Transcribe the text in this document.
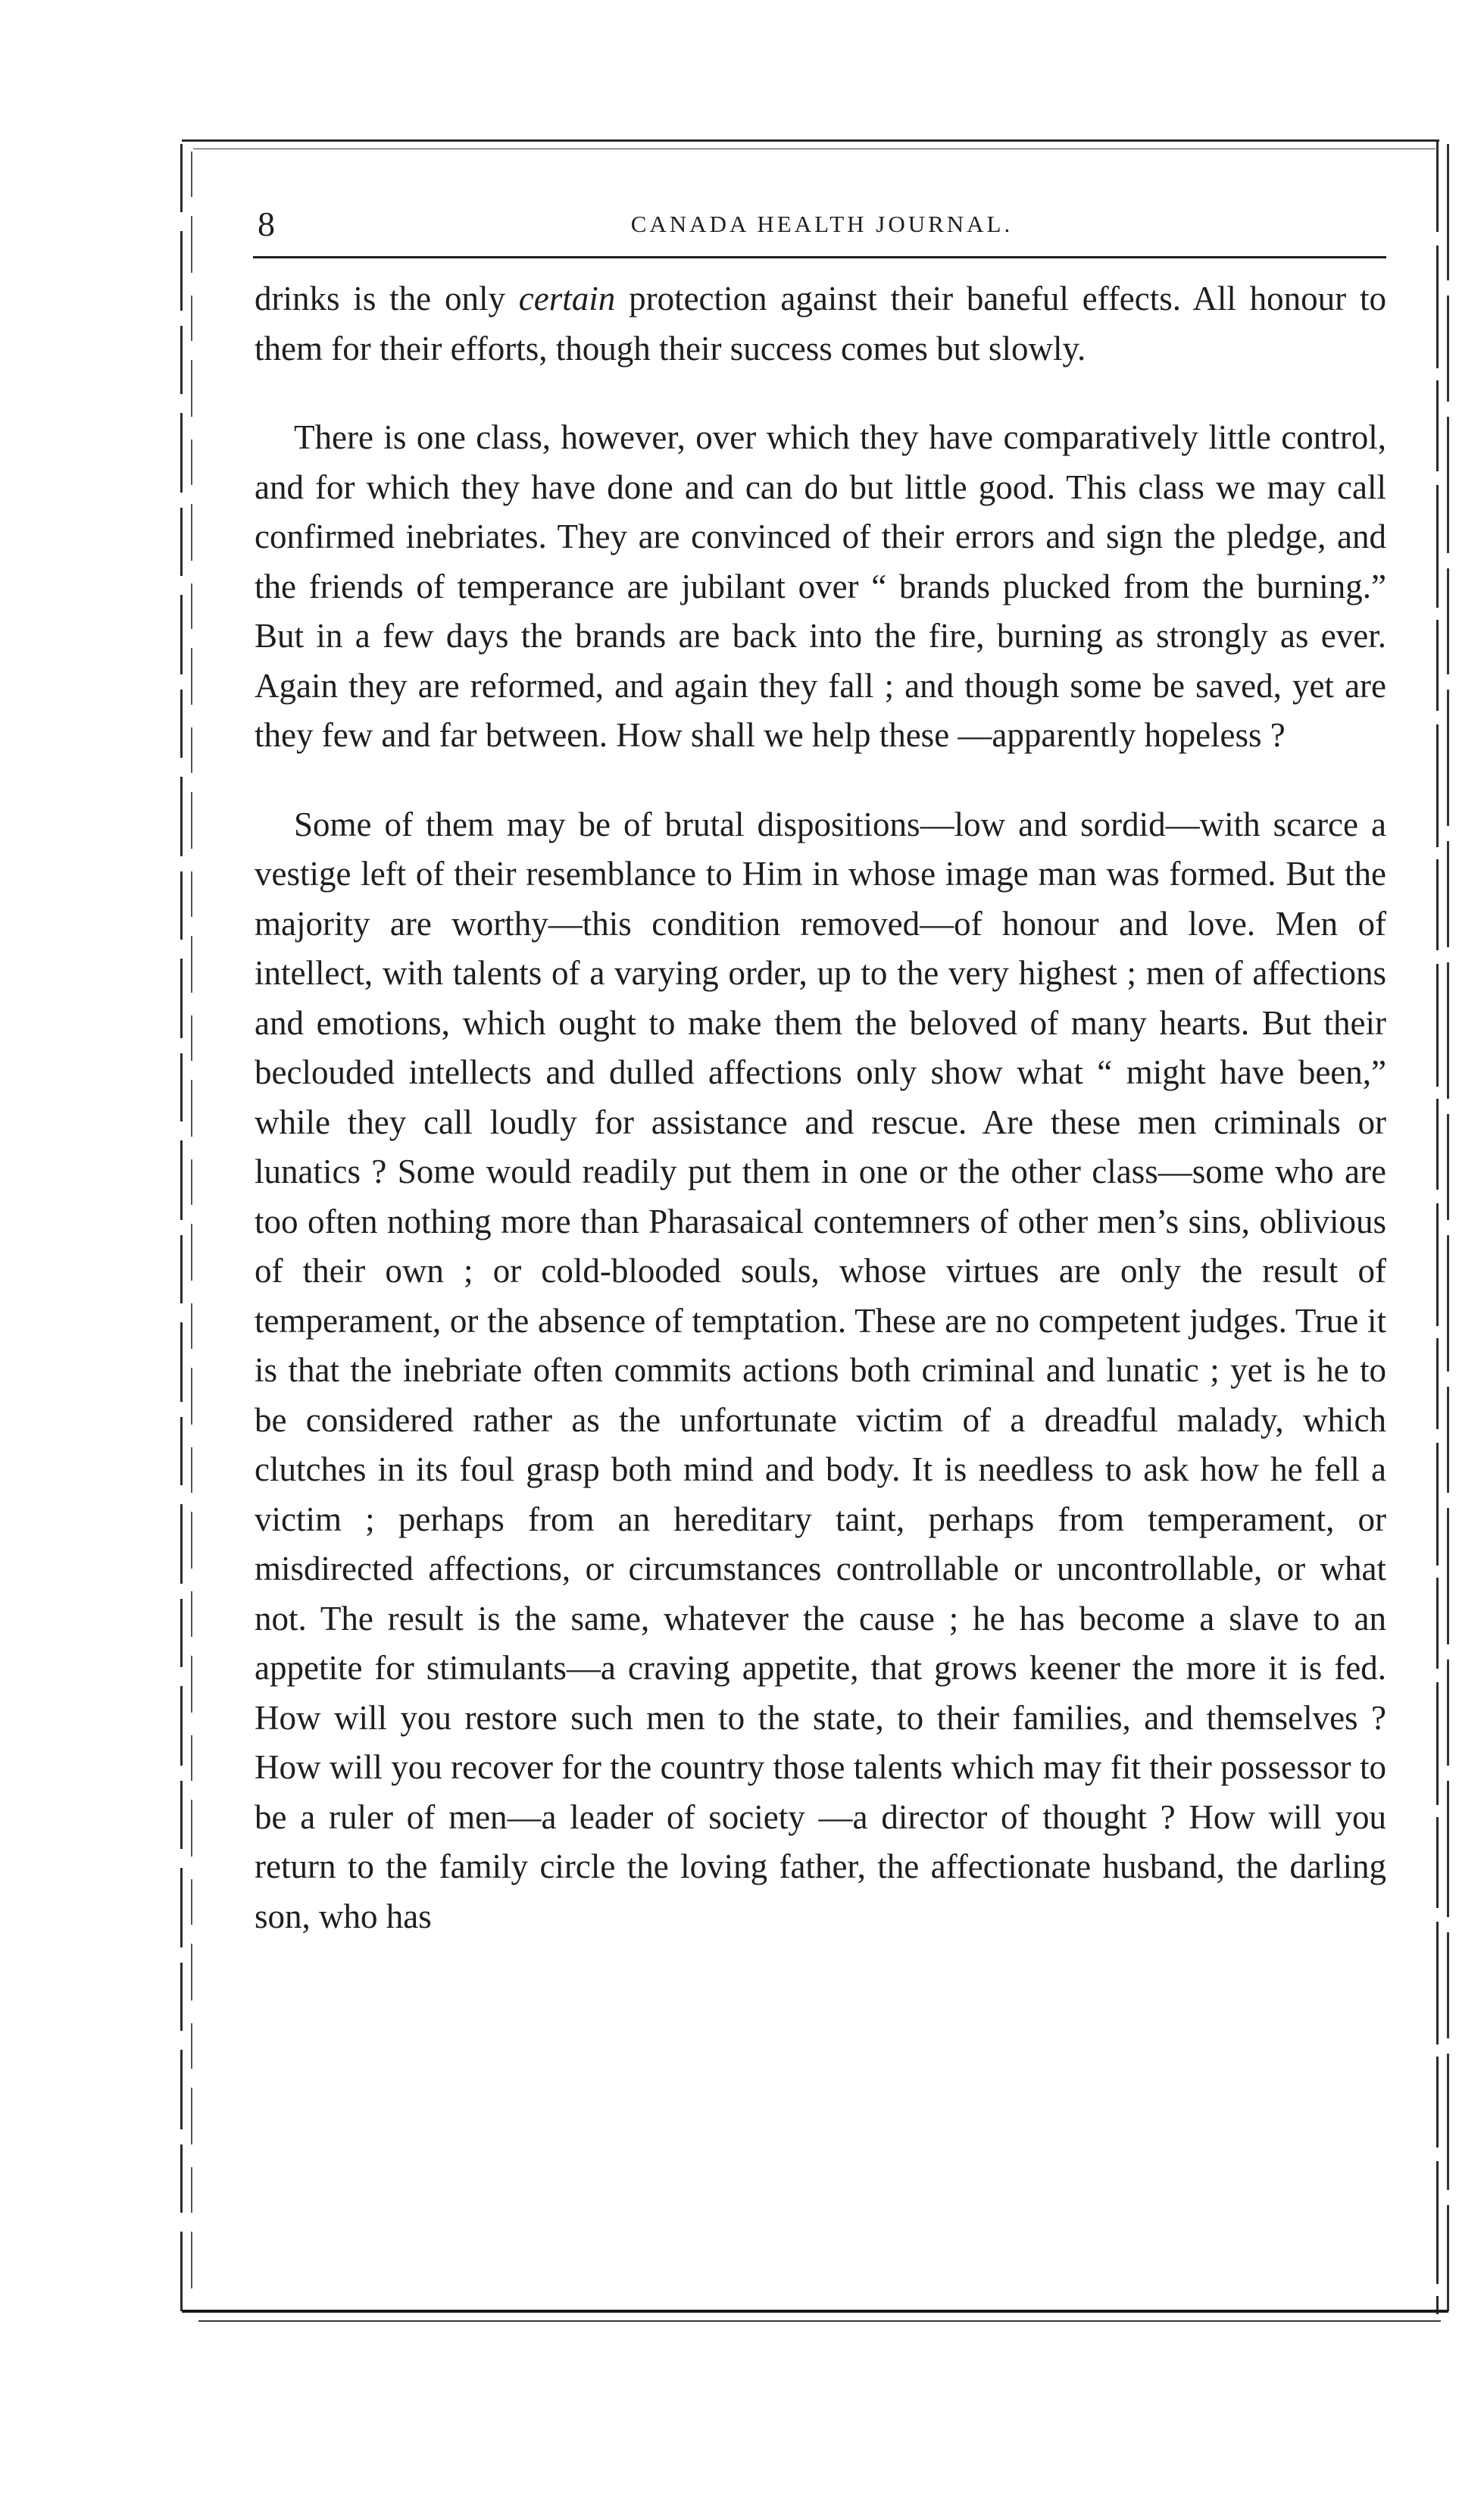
8	CANADA HEALTH JOURNAL.

drinks is the only certain protection against their baneful effects. All honour to them for their efforts, though their success comes but slowly.

There is one class, however, over which they have comparatively little control, and for which they have done and can do but little good. This class we may call confirmed inebriates. They are convinced of their errors and sign the pledge, and the friends of temperance are jubilant over “ brands plucked from the burning.” But in a few days the brands are back into the fire, burning as strongly as ever. Again they are reformed, and again they fall ; and though some be saved, yet are they few and far between. How shall we help these —apparently hopeless ?

Some of them may be of brutal dispositions—low and sordid—with scarce a vestige left of their resemblance to Him in whose image man was formed. But the majority are worthy—this condition removed—of honour and love. Men of intellect, with talents of a varying order, up to the very highest ; men of affections and emotions, which ought to make them the beloved of many hearts. But their beclouded intellects and dulled affections only show what “ might have been,” while they call loudly for assistance and rescue. Are these men criminals or lunatics ? Some would readily put them in one or the other class—some who are too often nothing more than Pharasaical contemners of other men’s sins, oblivious of their own ; or cold-blooded souls, whose virtues are only the result of temperament, or the absence of temptation. These are no competent judges. True it is that the inebriate often commits actions both criminal and lunatic ; yet is he to be considered rather as the unfortunate victim of a dreadful malady, which clutches in its foul grasp both mind and body. It is needless to ask how he fell a victim ; perhaps from an hereditary taint, perhaps from temperament, or misdirected affections, or circumstances controllable or uncontrollable, or what not. The result is the same, whatever the cause ; he has become a slave to an appetite for stimulants—a craving appetite, that grows keener the more it is fed. How will you restore such men to the state, to their families, and themselves ? How will you recover for the country those talents which may fit their possessor to be a ruler of men—a leader of society —a director of thought ? How will you return to the family circle the loving father, the affectionate husband, the darling son, who has
